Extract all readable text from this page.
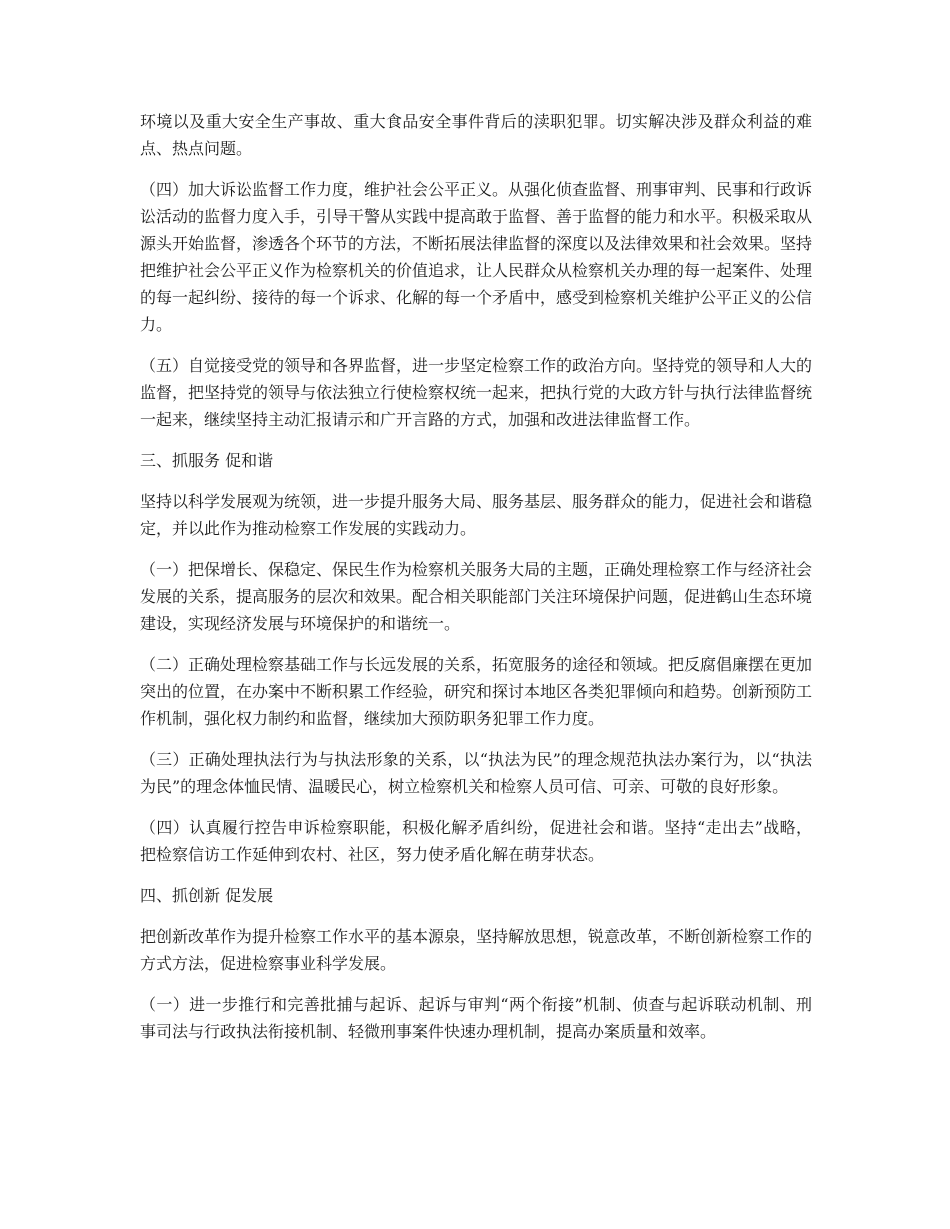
环境以及重大安全生产事故、重大食品安全事件背后的渎职犯罪。切实解决涉及群众利益的难点、热点问题。

（四）加大诉讼监督工作力度，维护社会公平正义。从强化侦查监督、刑事审判、民事和行政诉讼活动的监督力度入手，引导干警从实践中提高敢于监督、善于监督的能力和水平。积极采取从源头开始监督，渗透各个环节的方法，不断拓展法律监督的深度以及法律效果和社会效果。坚持把维护社会公平正义作为检察机关的价值追求，让人民群众从检察机关办理的每一起案件、处理的每一起纠纷、接待的每一个诉求、化解的每一个矛盾中，感受到检察机关维护公平正义的公信力。

（五）自觉接受党的领导和各界监督，进一步坚定检察工作的政治方向。坚持党的领导和人大的监督，把坚持党的领导与依法独立行使检察权统一起来，把执行党的大政方针与执行法律监督统一起来，继续坚持主动汇报请示和广开言路的方式，加强和改进法律监督工作。

三、抓服务 促和谐

坚持以科学发展观为统领，进一步提升服务大局、服务基层、服务群众的能力，促进社会和谐稳定，并以此作为推动检察工作发展的实践动力。

（一）把保增长、保稳定、保民生作为检察机关服务大局的主题，正确处理检察工作与经济社会发展的关系，提高服务的层次和效果。配合相关职能部门关注环境保护问题，促进鹤山生态环境建设，实现经济发展与环境保护的和谐统一。

（二）正确处理检察基础工作与长远发展的关系，拓宽服务的途径和领域。把反腐倡廉摆在更加突出的位置，在办案中不断积累工作经验，研究和探讨本地区各类犯罪倾向和趋势。创新预防工作机制，强化权力制约和监督，继续加大预防职务犯罪工作力度。

（三）正确处理执法行为与执法形象的关系，以“执法为民”的理念规范执法办案行为，以“执法为民”的理念体恤民情、温暖民心，树立检察机关和检察人员可信、可亲、可敬的良好形象。

（四）认真履行控告申诉检察职能，积极化解矛盾纠纷，促进社会和谐。坚持“走出去”战略，把检察信访工作延伸到农村、社区，努力使矛盾化解在萌芽状态。

四、抓创新 促发展

把创新改革作为提升检察工作水平的基本源泉，坚持解放思想，锐意改革，不断创新检察工作的方式方法，促进检察事业科学发展。

（一）进一步推行和完善批捕与起诉、起诉与审判“两个衔接”机制、侦查与起诉联动机制、刑事司法与行政执法衔接机制、轻微刑事案件快速办理机制，提高办案质量和效率。
